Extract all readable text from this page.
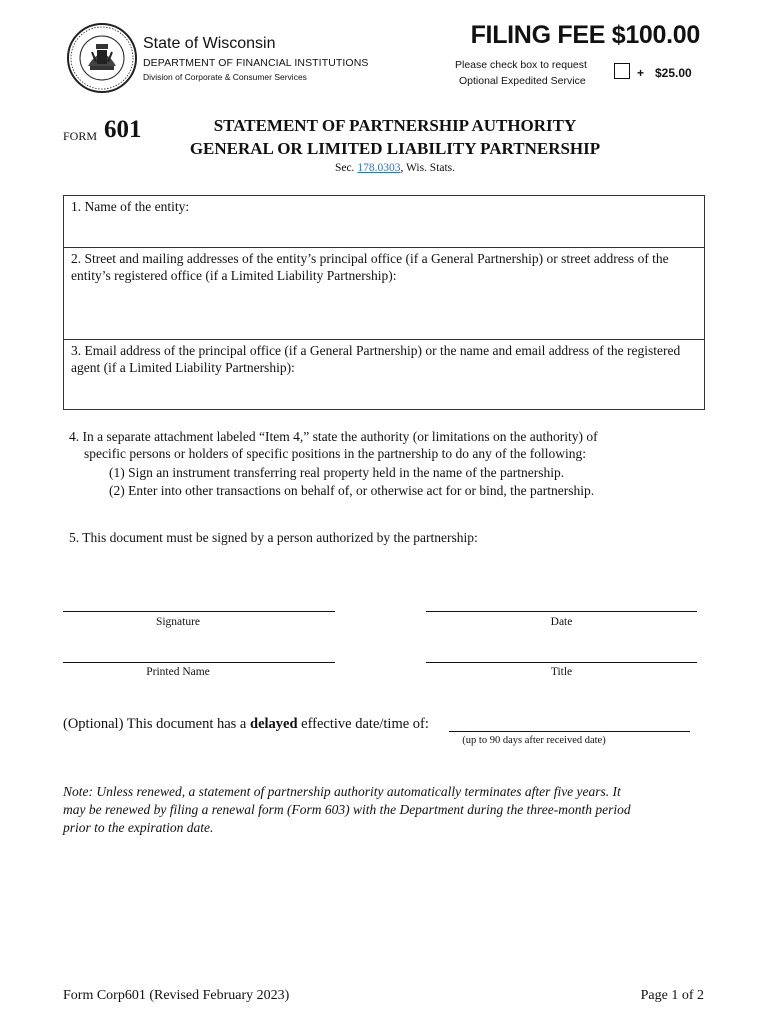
State of Wisconsin
DEPARTMENT OF FINANCIAL INSTITUTIONS
Division of Corporate & Consumer Services
FILING FEE $100.00
Please check box to request
Optional Expedited Service
+ $25.00
FORM 601	STATEMENT OF PARTNERSHIP AUTHORITY
GENERAL OR LIMITED LIABILITY PARTNERSHIP
Sec. 178.0303, Wis. Stats.
1. Name of the entity:
2. Street and mailing addresses of the entity’s principal office (if a General Partnership) or street address of the entity’s registered office (if a Limited Liability Partnership):
3. Email address of the principal office (if a General Partnership) or the name and email address of the registered agent (if a Limited Liability Partnership):
4. In a separate attachment labeled “Item 4,” state the authority (or limitations on the authority) of
specific persons or holders of specific positions in the partnership to do any of the following:
(1) Sign an instrument transferring real property held in the name of the partnership.
(2) Enter into other transactions on behalf of, or otherwise act for or bind, the partnership.
5. This document must be signed by a person authorized by the partnership:
Signature	Date
Printed Name	Title
(Optional) This document has a delayed effective date/time of:
(up to 90 days after received date)
Note: Unless renewed, a statement of partnership authority automatically terminates after five years. It
may be renewed by filing a renewal form (Form 603) with the Department during the three-month period
prior to the expiration date.
Form Corp601 (Revised February 2023)	Page 1 of 2
